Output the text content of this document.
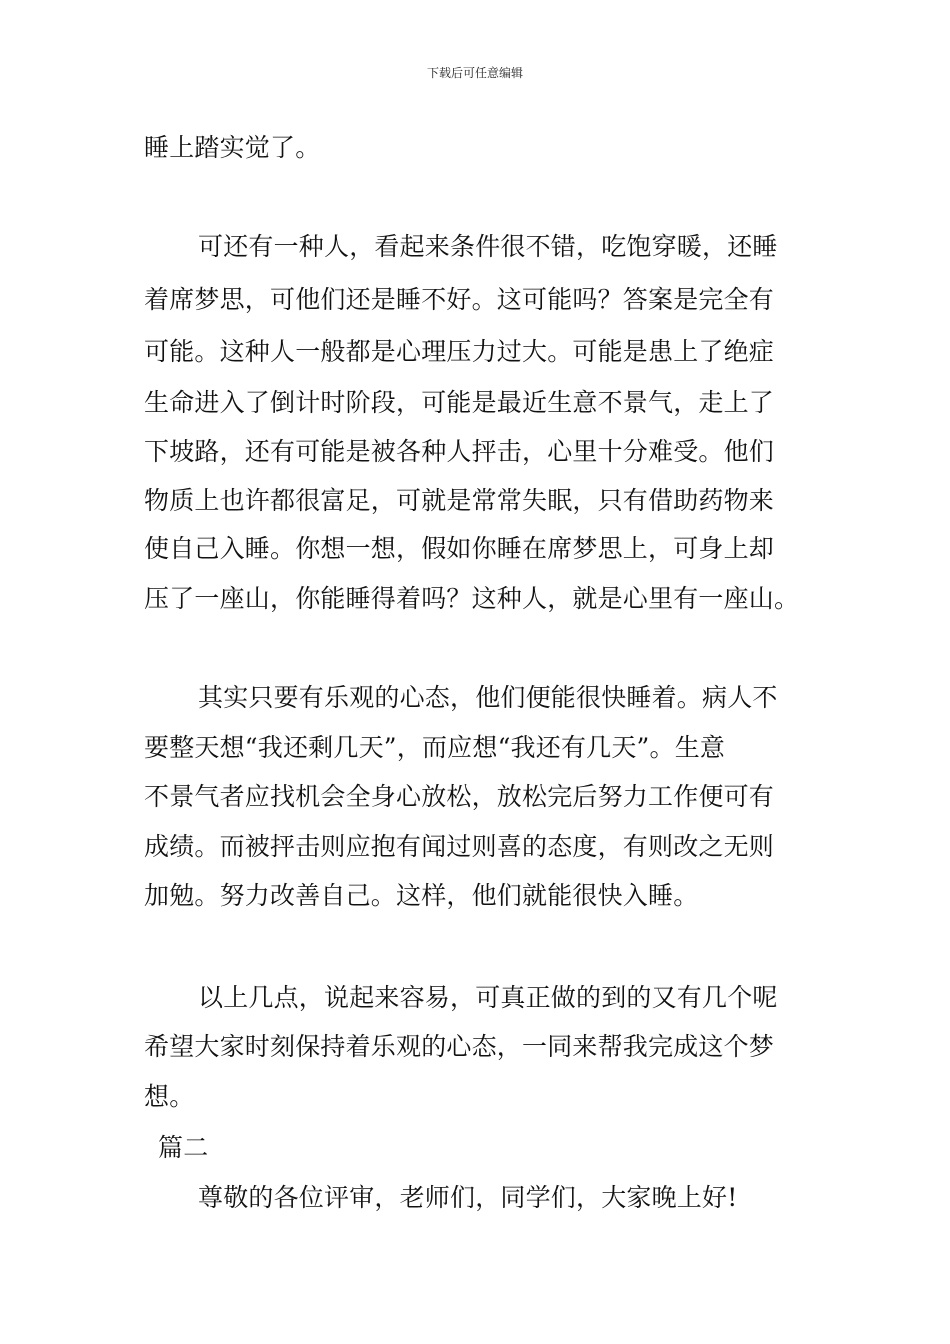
下载后可任意编辑
睡上踏实觉了。
可还有一种人，看起来条件很不错，吃饱穿暖，还睡
着席梦思，可他们还是睡不好。这可能吗？答案是完全有
可能。这种人一般都是心理压力过大。可能是患上了绝症
生命进入了倒计时阶段，可能是最近生意不景气，走上了
下坡路，还有可能是被各种人抨击，心里十分难受。他们
物质上也许都很富足，可就是常常失眠，只有借助药物来
使自己入睡。你想一想，假如你睡在席梦思上，可身上却
压了一座山，你能睡得着吗？这种人，就是心里有一座山。
其实只要有乐观的心态，他们便能很快睡着。病人不
要整天想“我还剩几天”，而应想“我还有几天”。生意
不景气者应找机会全身心放松，放松完后努力工作便可有
成绩。而被抨击则应抱有闻过则喜的态度，有则改之无则
加勉。努力改善自己。这样，他们就能很快入睡。
以上几点，说起来容易，可真正做的到的又有几个呢
希望大家时刻保持着乐观的心态，一同来帮我完成这个梦
想。
篇二
尊敬的各位评审，老师们，同学们，大家晚上好!
